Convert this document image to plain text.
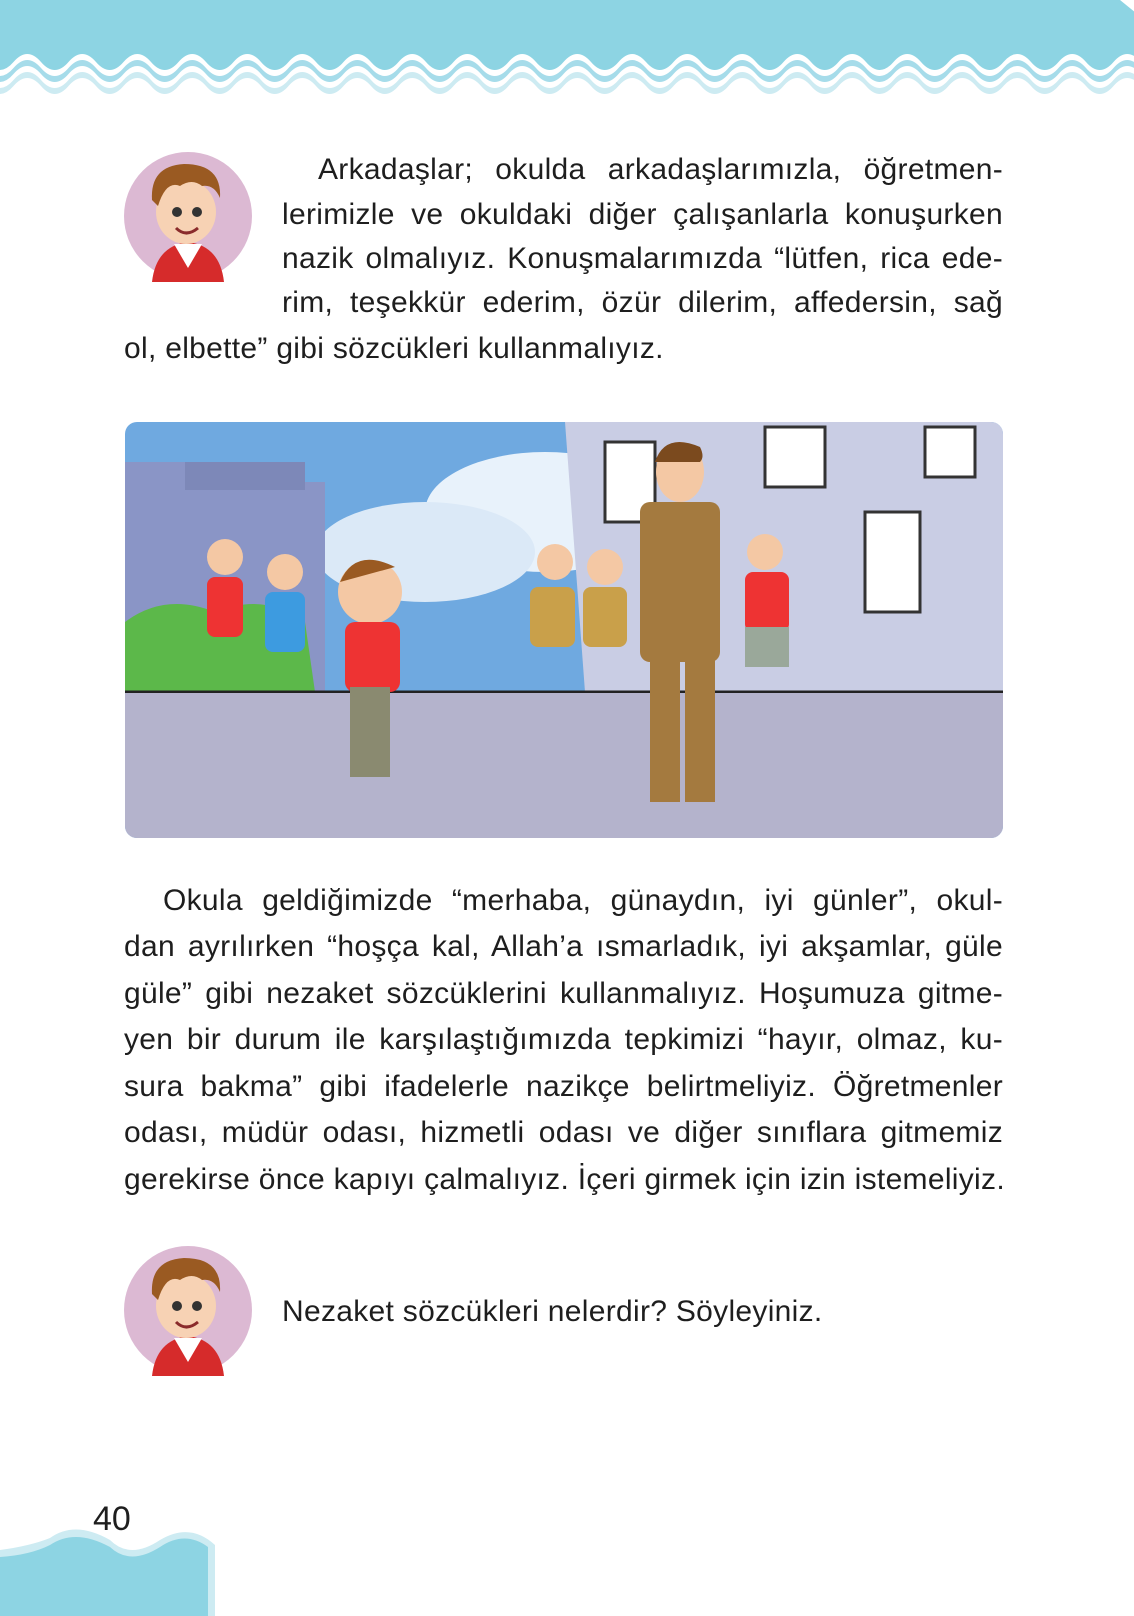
Arkadaşlar; okulda arkadaşlarımızla, öğretmen-
lerimizle ve okuldaki diğer çalışanlarla konuşurken
nazik olmalıyız. Konuşmalarımızda “lütfen, rica ede-
rim, teşekkür ederim, özür dilerim, affedersin, sağ
ol, elbette” gibi sözcükleri kullanmalıyız.
Okula geldiğimizde “merhaba, günaydın, iyi günler”, okul-
dan ayrılırken “hoşça kal, Allah’a ısmarladık, iyi akşamlar, güle
güle” gibi nezaket sözcüklerini kullanmalıyız. Hoşumuza gitme-
yen bir durum ile karşılaştığımızda tepkimizi “hayır, olmaz, ku-
sura bakma” gibi ifadelerle nazikçe belirtmeliyiz. Öğretmenler
odası, müdür odası, hizmetli odası ve diğer sınıflara gitmemiz
gerekirse önce kapıyı çalmalıyız. İçeri girmek için izin istemeliyiz.
Nezaket sözcükleri nelerdir? Söyleyiniz.
40
